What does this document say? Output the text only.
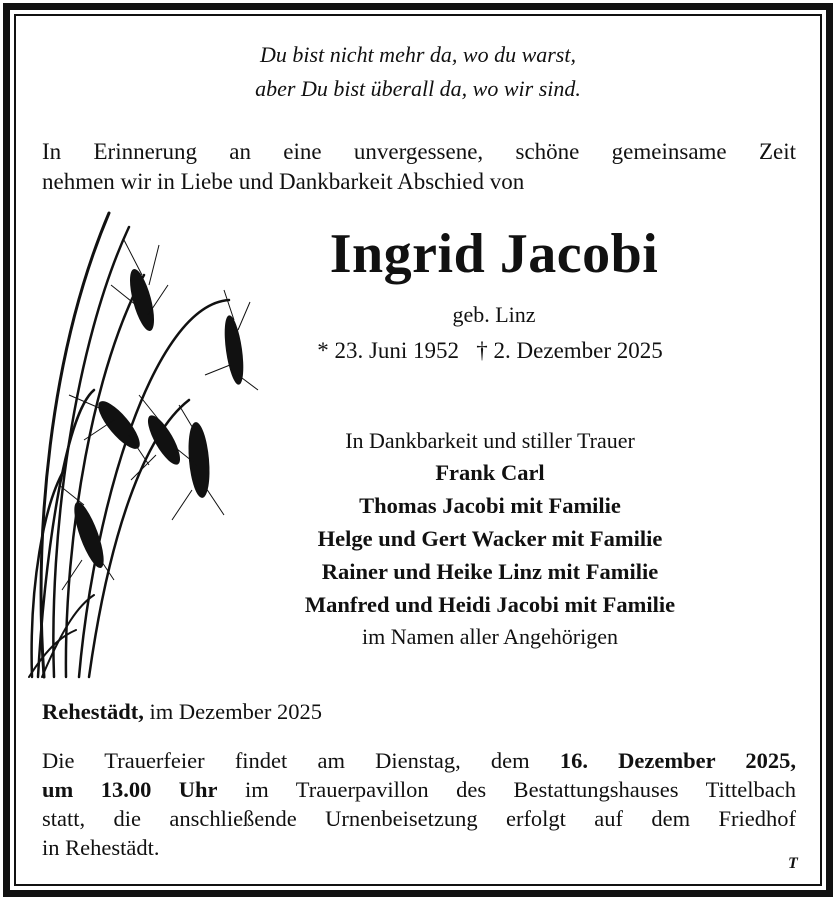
Du bist nicht mehr da, wo du warst,
aber Du bist überall da, wo wir sind.
In Erinnerung an eine unvergessene, schöne gemeinsame Zeit
nehmen wir in Liebe und Dankbarkeit Abschied von
Ingrid Jacobi
geb. Linz
* 23. Juni 1952   † 2. Dezember 2025
In Dankbarkeit und stiller Trauer
Frank Carl
Thomas Jacobi mit Familie
Helge und Gert Wacker mit Familie
Rainer und Heike Linz mit Familie
Manfred und Heidi Jacobi mit Familie
im Namen aller Angehörigen
Rehestädt, im Dezember 2025
Die Trauerfeier findet am Dienstag, dem 16. Dezember 2025,
um 13.00 Uhr im Trauerpavillon des Bestattungshauses Tittelbach
statt, die anschließende Urnenbeisetzung erfolgt auf dem Friedhof
in Rehestädt.
T
